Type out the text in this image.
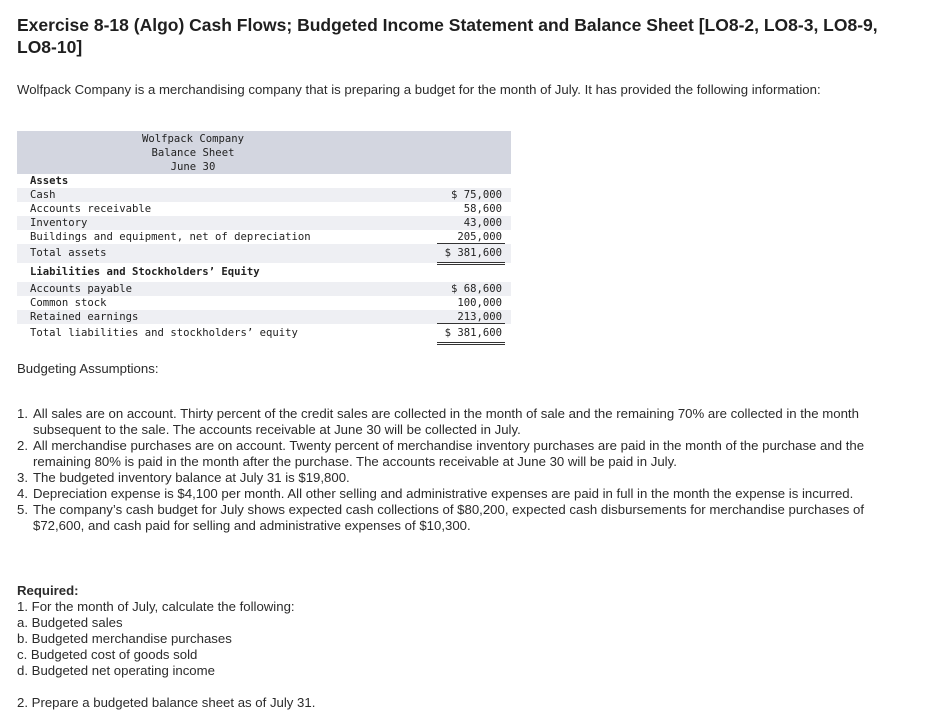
Exercise 8-18 (Algo) Cash Flows; Budgeted Income Statement and Balance Sheet [LO8-2, LO8-3, LO8-9, LO8-10]
Wolfpack Company is a merchandising company that is preparing a budget for the month of July. It has provided the following information:
Wolfpack Company
Balance Sheet
June 30
Assets
Cash	$ 75,000
Accounts receivable	58,600
Inventory	43,000
Buildings and equipment, net of depreciation	205,000
Total assets	$ 381,600
Liabilities and Stockholders’ Equity
Accounts payable	$ 68,600
Common stock	100,000
Retained earnings	213,000
Total liabilities and stockholders’ equity	$ 381,600
Budgeting Assumptions:
1. All sales are on account. Thirty percent of the credit sales are collected in the month of sale and the remaining 70% are collected in the month subsequent to the sale. The accounts receivable at June 30 will be collected in July.
2. All merchandise purchases are on account. Twenty percent of merchandise inventory purchases are paid in the month of the purchase and the remaining 80% is paid in the month after the purchase. The accounts receivable at June 30 will be paid in July.
3. The budgeted inventory balance at July 31 is $19,800.
4. Depreciation expense is $4,100 per month. All other selling and administrative expenses are paid in full in the month the expense is incurred.
5. The company’s cash budget for July shows expected cash collections of $80,200, expected cash disbursements for merchandise purchases of $72,600, and cash paid for selling and administrative expenses of $10,300.
Required:
1. For the month of July, calculate the following:
a. Budgeted sales
b. Budgeted merchandise purchases
c. Budgeted cost of goods sold
d. Budgeted net operating income
2. Prepare a budgeted balance sheet as of July 31.
